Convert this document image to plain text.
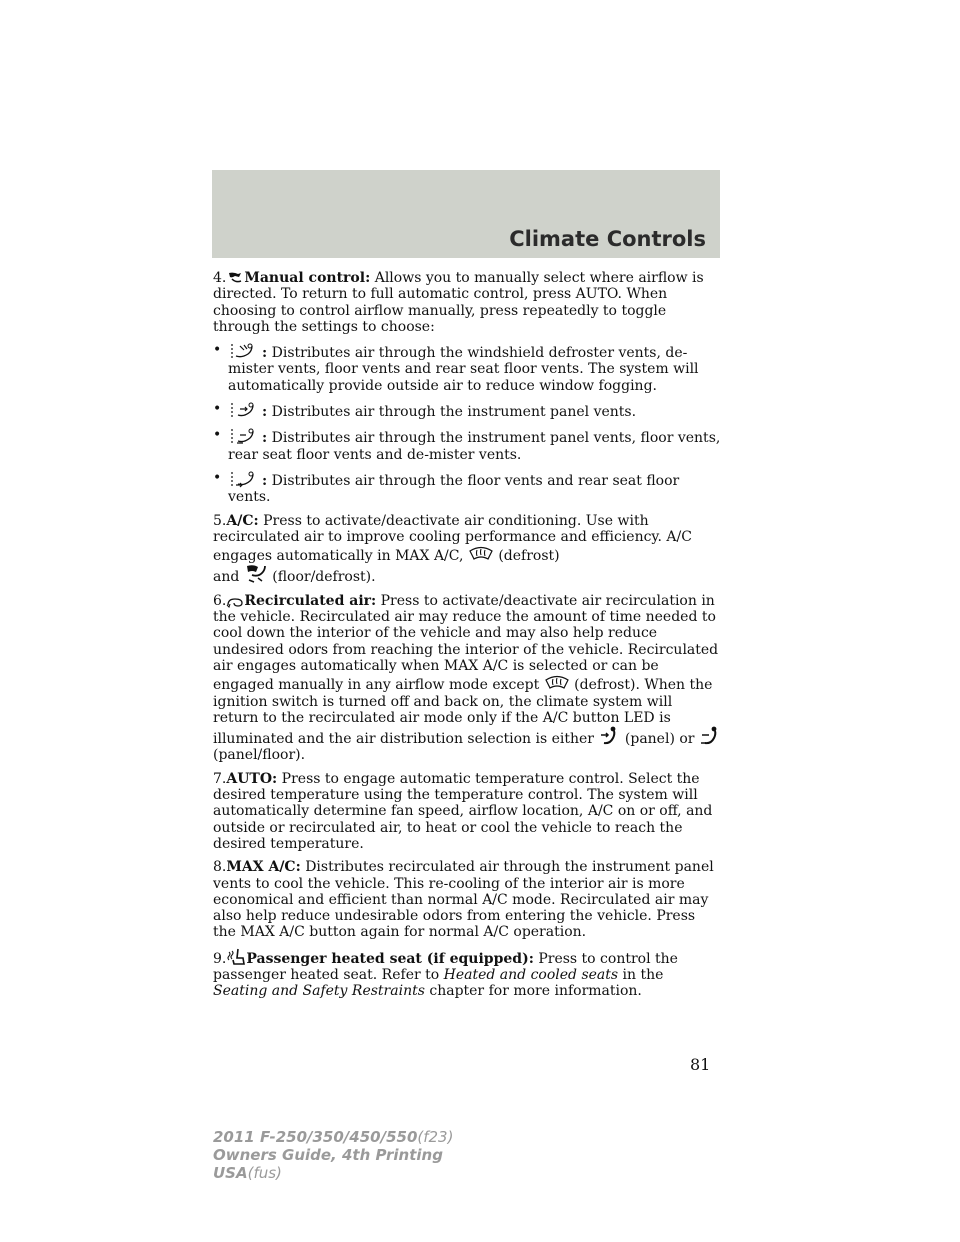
Climate Controls

4. Manual control: Allows you to manually select where airflow is directed. To return to full automatic control, press AUTO. When choosing to control airflow manually, press repeatedly to toggle through the settings to choose:

•	: Distributes air through the windshield defroster vents, de-mister vents, floor vents and rear seat floor vents. The system will automatically provide outside air to reduce window fogging.
•	: Distributes air through the instrument panel vents.
•	: Distributes air through the instrument panel vents, floor vents, rear seat floor vents and de-mister vents.
•	: Distributes air through the floor vents and rear seat floor vents.

5.A/C: Press to activate/deactivate air conditioning. Use with recirculated air to improve cooling performance and efficiency. A/C engages automatically in MAX A/C, (defrost)
and (floor/defrost).

6. Recirculated air: Press to activate/deactivate air recirculation in the vehicle. Recirculated air may reduce the amount of time needed to cool down the interior of the vehicle and may also help reduce undesired odors from reaching the interior of the vehicle. Recirculated air engages automatically when MAX A/C is selected or can be engaged manually in any airflow mode except (defrost). When the ignition switch is turned off and back on, the climate system will return to the recirculated air mode only if the A/C button LED is illuminated and the air distribution selection is either (panel) or
(panel/floor).

7.AUTO: Press to engage automatic temperature control. Select the desired temperature using the temperature control. The system will automatically determine fan speed, airflow location, A/C on or off, and outside or recirculated air, to heat or cool the vehicle to reach the desired temperature.

8.MAX A/C: Distributes recirculated air through the instrument panel vents to cool the vehicle. This re-cooling of the interior air is more economical and efficient than normal A/C mode. Recirculated air may also help reduce undesirable odors from entering the vehicle. Press the MAX A/C button again for normal A/C operation.

9. Passenger heated seat (if equipped): Press to control the passenger heated seat. Refer to Heated and cooled seats in the Seating and Safety Restraints chapter for more information.

81
2011 F-250/350/450/550(f23)
Owners Guide, 4th Printing
USA(fus)
